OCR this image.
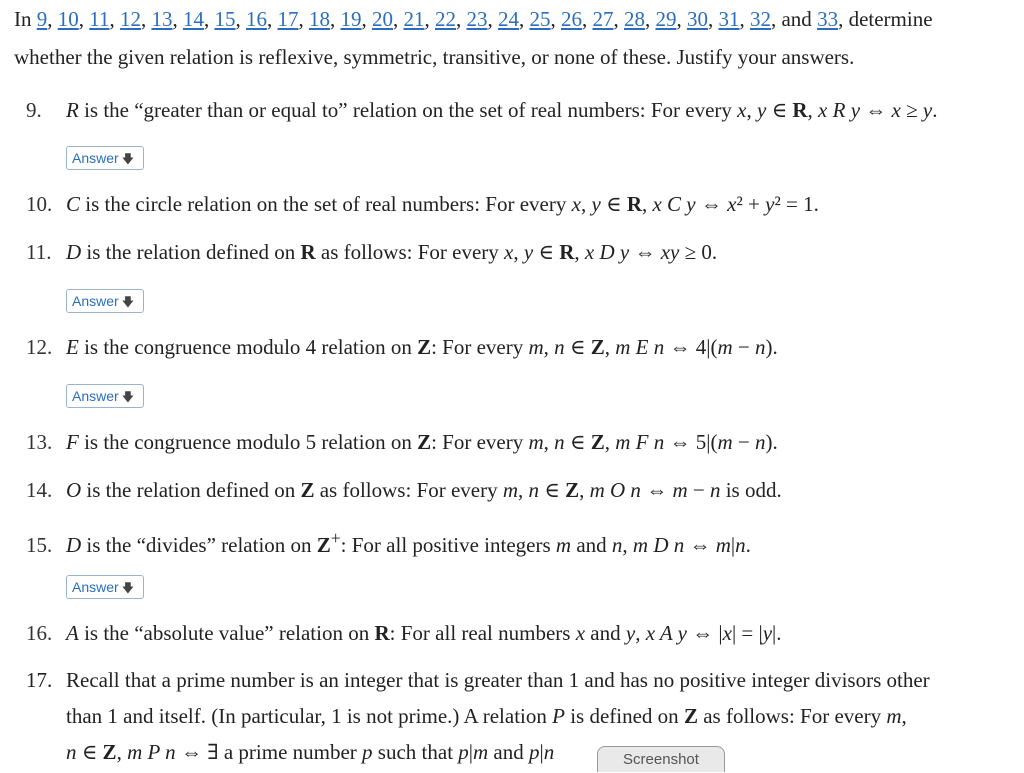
In 9, 10, 11, 12, 13, 14, 15, 16, 17, 18, 19, 20, 21, 22, 23, 24, 25, 26, 27, 28, 29, 30, 31, 32, and 33, determine
whether the given relation is reflexive, symmetric, transitive, or none of these. Justify your answers.
9. R is the “greater than or equal to” relation on the set of real numbers: For every x, y ∈ R, x R y ⇔ x ≥ y.
Answer 🡇
10. C is the circle relation on the set of real numbers: For every x, y ∈ R, x C y ⇔ x² + y² = 1.
11. D is the relation defined on R as follows: For every x, y ∈ R, x D y ⇔ xy ≥ 0.
Answer 🡇
12. E is the congruence modulo 4 relation on Z: For every m, n ∈ Z, m E n ⇔ 4|(m − n).
Answer 🡇
13. F is the congruence modulo 5 relation on Z: For every m, n ∈ Z, m F n ⇔ 5|(m − n).
14. O is the relation defined on Z as follows: For every m, n ∈ Z, m O n ⇔ m − n is odd.
15. D is the “divides” relation on Z+: For all positive integers m and n, m D n ⇔ m|n.
Answer 🡇
16. A is the “absolute value” relation on R: For all real numbers x and y, x A y ⇔ |x| = |y|.
17. Recall that a prime number is an integer that is greater than 1 and has no positive integer divisors other
than 1 and itself. (In particular, 1 is not prime.) A relation P is defined on Z as follows: For every m,
n ∈ Z, m P n ⇔ ∃ a prime number p such that p|m and p|n	Screenshot
